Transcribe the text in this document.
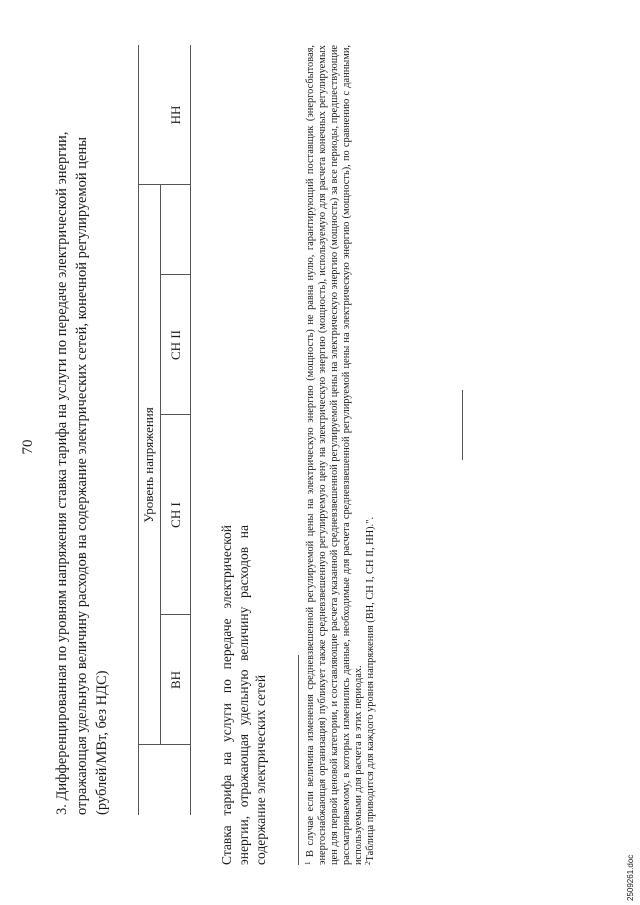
70 3. Дифференцированная по уровням напряжения ставка тарифа на услуги по передаче электрической энергии, отражающая удельную величину расходов на содержание электрических сетей, конечной регулируемой цены (рублей/МВт, без НДС)

Уровень напряжения
ВН
СН I
СН II
НН
Ставка тарифа на услуги по передаче электрической энергии, отражающая удельную величину расходов на содержание электрических сетей	$^1$ В случае если величина изменения средневзвешенной регулируемой цены на электрическую энергию (мощность) не равна нулю, гарантирующий поставщик (энергосбытовая, энергоснабжающая организация) публикует также средневзвешенную регулируемую цену на электрическую энергию (мощность), используемую для расчета конечных регулируемых цен для первой ценовой категории, и составляющие расчета указанной средневзвешенной регулируемой цены на электрическую энергию (мощность) за все периоды, предшествующие рассматриваемому, в которых изменились данные, необходимые для расчета средневзвешенной регулируемой цены на электрическую энергию (мощность), по сравнению с данными, используемыми для расчета в этих периодах. $^2$Таблица приводится для каждого уровня напряжения (ВН, СН I, СН II, НН).".

2509261.doc
